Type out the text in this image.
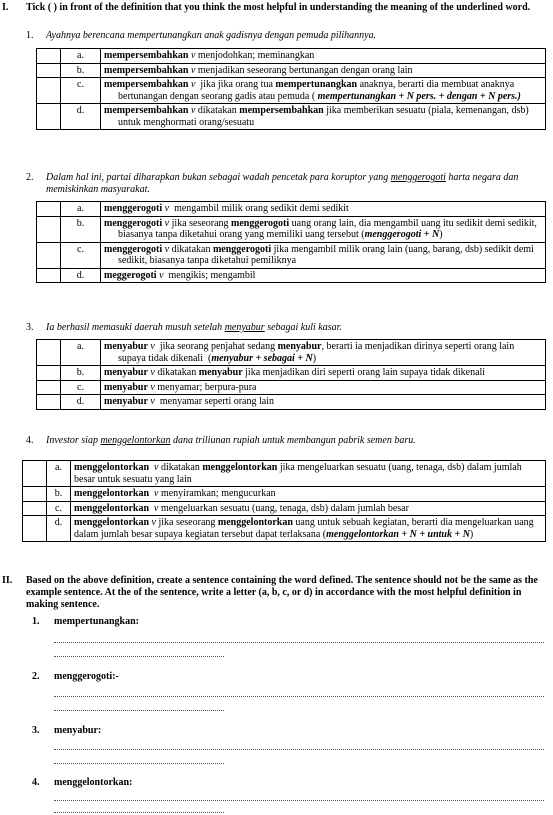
I. Tick ( ) in front of the definition that you think the most helpful in understanding the meaning of the underlined word.
1. Ayahnya berencana mempertunangkan anak gadisnya dengan pemuda pilihannya.
	a.	mempersembahkan v menjodohkan; meminangkan
	b.	mempersembahkan v menjadikan seseorang bertunangan dengan orang lain
	c.	mempersembahkan v  jika jika orang tua mempertunangkan anaknya, berarti dia membuat anaknya bertunangan dengan seorang gadis atau pemuda ( mempertunangkan + N pers. + dengan + N pers.)

	d.	mempersembahkan v dikatakan mempersembahkan jika memberikan sesuatu (piala, kemenangan, dsb) untuk menghormati orang/sesuatu
2. Dalam hal ini, partai diharapkan bukan sebagai wadah pencetak para koruptor yang menggerogoti harta negara dan memiskinkan masyarakat.
	a.	menggerogoti v  mengambil milik orang sedikit demi sedikit
	b.	menggerogoti v jika seseorang menggerogoti uang orang lain, dia mengambil uang itu sedikit demi sedikit, biasanya tanpa diketahui orang yang memiliki uang tersebut (menggerogoti + N)

	c.	menggerogoti v dikatakan menggerogoti jika mengambil milik orang lain (uang, barang, dsb) sedikit demi sedikit, biasanya tanpa diketahui pemiliknya

	d.	meggerogoti v  mengikis; mengambil
3. Ia berhasil memasuki daerah musuh setelah menyabur sebagai kuli kasar.
	a.	menyabur v  jika seorang penjahat sedang menyabur, berarti ia menjadikan dirinya seperti orang lain supaya tidak dikenali  (menyabur + sebagai + N)

	b.	menyabur v dikatakan menyabur jika menjadikan diri seperti orang lain supaya tidak dikenali
	c.	menyabur v menyamar; berpura-pura
	d.	menyabur v  menyamar seperti orang lain
4. Investor siap menggelontorkan dana triliunan rupiah untuk membangun pabrik semen baru.
	a.	menggelontorkan v dikatakan menggelontorkan jika mengeluarkan sesuatu (uang, tenaga, dsb) dalam jumlah besar untuk sesuatu yang lain
	b.	menggelontorkan v menyiramkan; mengucurkan
	c.	menggelontorkan v mengeluarkan sesuatu (uang, tenaga, dsb) dalam jumlah besar
	d.	menggelontorkan v jika seseorang menggelontorkan uang untuk sebuah kegiatan, berarti dia mengeluarkan uang dalam jumlah besar supaya kegiatan tersebut dapat terlaksana (menggelontorkan + N + untuk + N)
II. Based on the above definition, create a sentence containing the word defined. The sentence should not be the same as the example sentence. At the of the sentence, write a letter (a, b, c, or d) in accordance with the most helpful definition in making sentence.
1. mempertunangkan:
2. menggerogoti:-
3. menyabur:
4. menggelontorkan:
